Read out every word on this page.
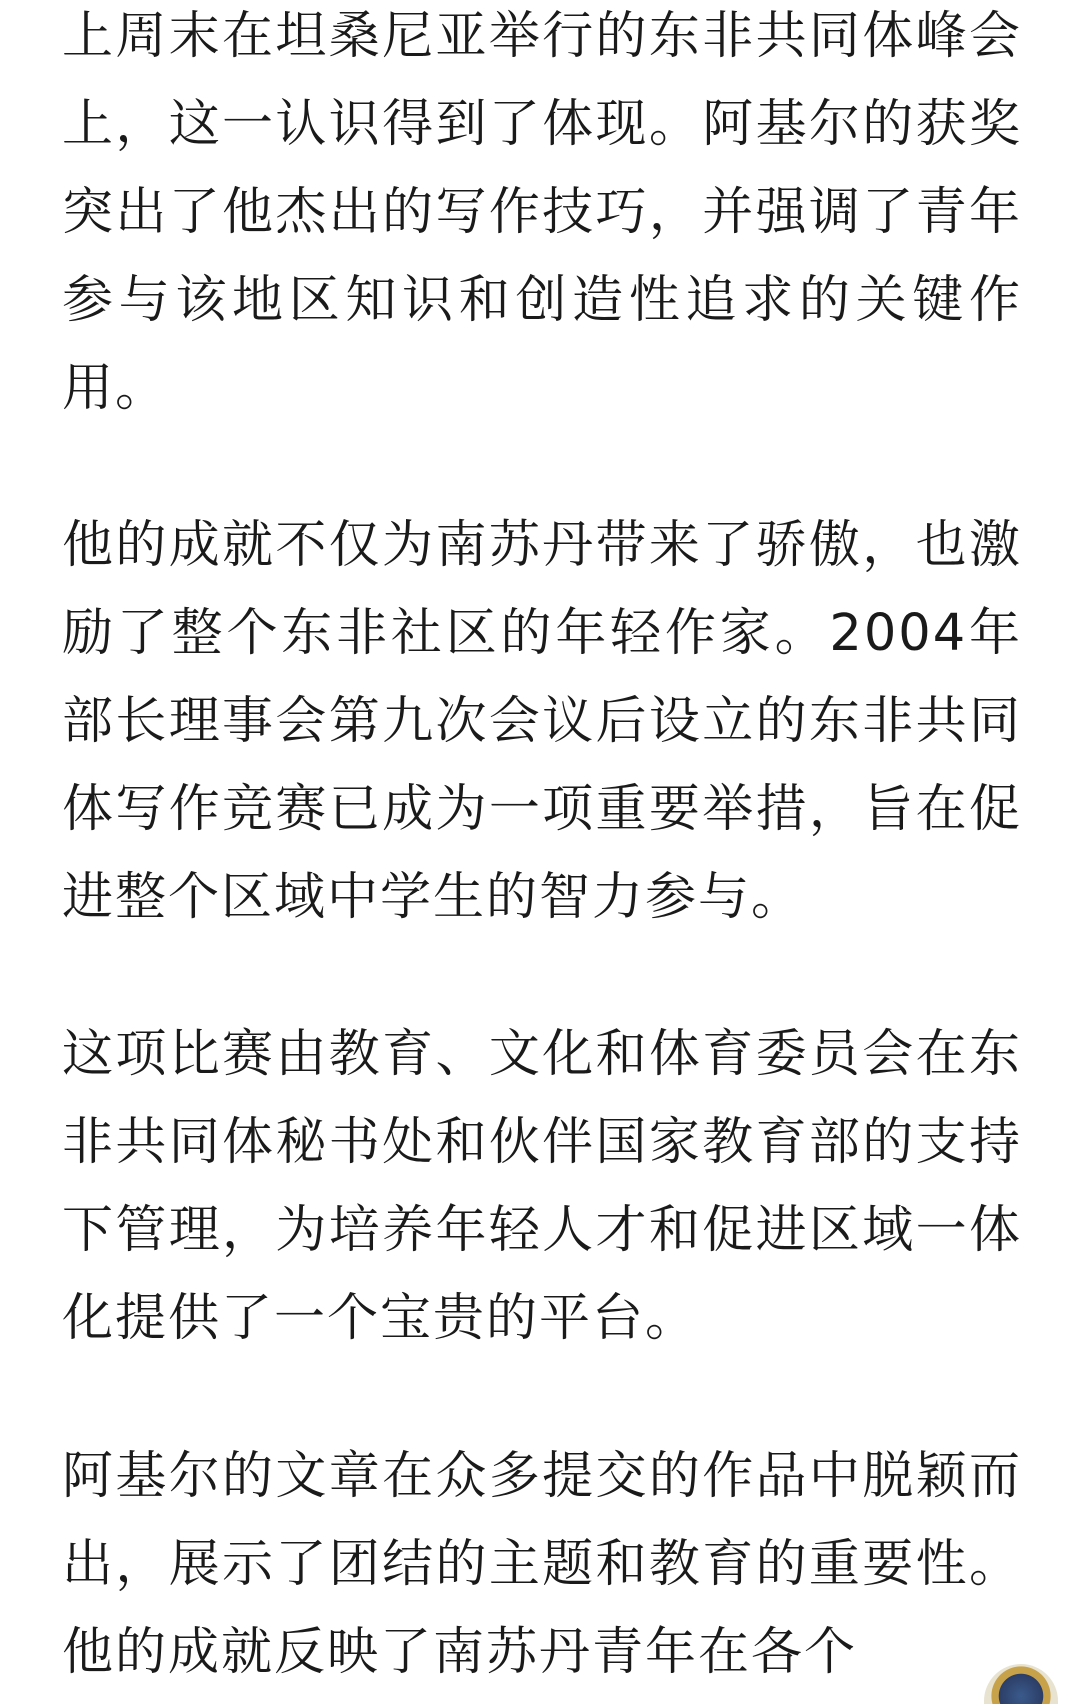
上周末在坦桑尼亚举行的东非共同体峰会上，这一认识得到了体现。阿基尔的获奖突出了他杰出的写作技巧，并强调了青年参与该地区知识和创造性追求的关键作用。

他的成就不仅为南苏丹带来了骄傲，也激励了整个东非社区的年轻作家。2004年部长理事会第九次会议后设立的东非共同体写作竞赛已成为一项重要举措，旨在促进整个区域中学生的智力参与。

这项比赛由教育、文化和体育委员会在东非共同体秘书处和伙伴国家教育部的支持下管理，为培养年轻人才和促进区域一体化提供了一个宝贵的平台。

阿基尔的文章在众多提交的作品中脱颖而出，展示了团结的主题和教育的重要性。他的成就反映了南苏丹青年在各个
